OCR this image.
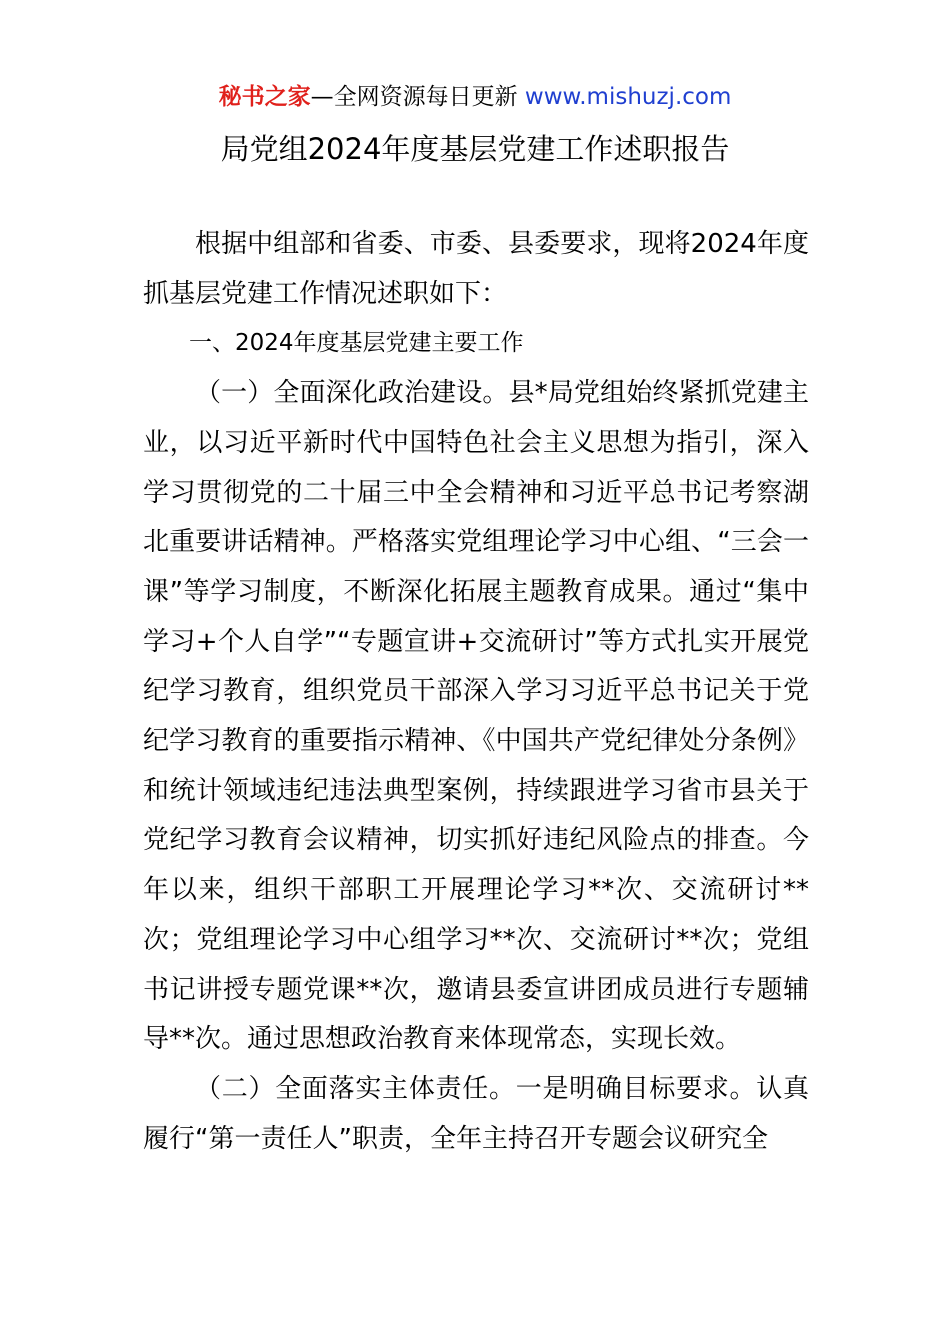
秘书之家—全网资源每日更新 www.mishuzj.com
局党组2024年度基层党建工作述职报告

根据中组部和省委、市委、县委要求，现将2024年度抓基层党建工作情况述职如下：

一、2024年度基层党建主要工作

（一）全面深化政治建设。县*局党组始终紧抓党建主业，以习近平新时代中国特色社会主义思想为指引，深入学习贯彻党的二十届三中全会精神和习近平总书记考察湖北重要讲话精神。严格落实党组理论学习中心组、“三会一课”等学习制度，不断深化拓展主题教育成果。通过“集中学习+个人自学”“专题宣讲+交流研讨”等方式扎实开展党纪学习教育，组织党员干部深入学习习近平总书记关于党纪学习教育的重要指示精神、《中国共产党纪律处分条例》和统计领域违纪违法典型案例，持续跟进学习省市县关于党纪学习教育会议精神，切实抓好违纪风险点的排查。今年以来，组织干部职工开展理论学习**次、交流研讨**次；党组理论学习中心组学习**次、交流研讨**次；党组书记讲授专题党课**次，邀请县委宣讲团成员进行专题辅导**次。通过思想政治教育来体现常态，实现长效。

（二）全面落实主体责任。一是明确目标要求。认真履行“第一责任人”职责，全年主持召开专题会议研究全
